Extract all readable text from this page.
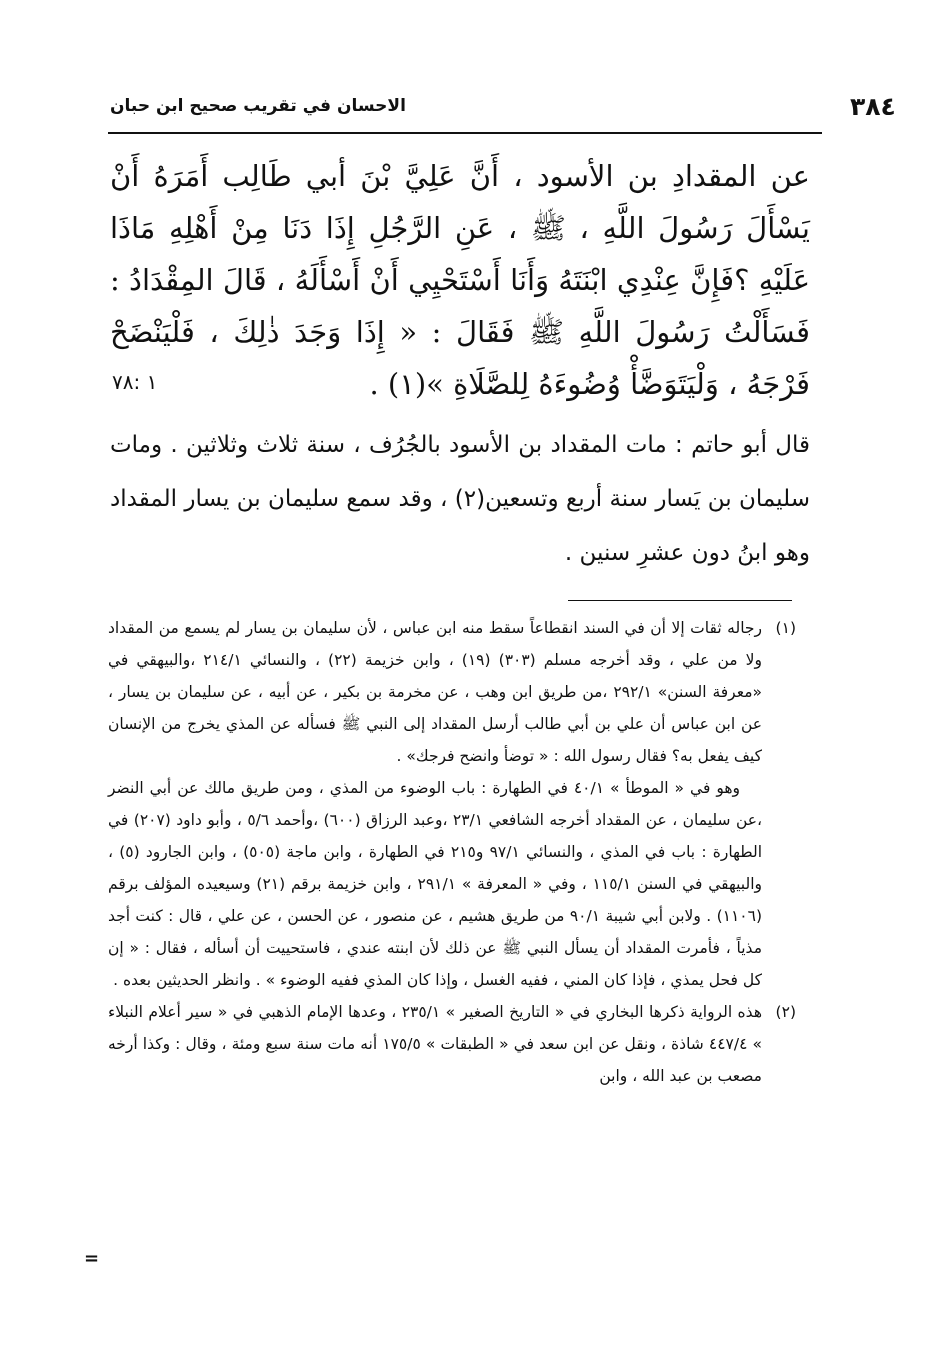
٣٨٤
الاحسان في تقريب صحيح ابن حبان

عن المقدادِ بن الأسود ، أَنَّ عَلِيَّ بْنَ أبي طَالِب أَمَرَهُ أَنْ يَسْأَلَ رَسُولَ اللَّهِ ، ﷺ ، عَنِ الرَّجُلِ إِذَا دَنَا مِنْ أَهْلِهِ مَاذَا عَلَيْهِ ؟فَإِنَّ عِنْدِي ابْنَتَهُ وَأَنَا أَسْتَحْيِي أَنْ أَسْأَلَهُ ، قَالَ المِقْدَادُ : فَسَأَلْتُ رَسُولَ اللَّهِ ﷺ فَقَالَ : « إِذَا وَجَدَ ذٰلِكَ ، فَلْيَنْضَحْ فَرْجَهُ ، وَلْيَتَوَضَّأْ وُضُوءَهُ لِلصَّلَاةِ »(١) .

١ :٧٨

قال أبو حاتم : مات المقداد بن الأسود بالجُرُف ، سنة ثلاث وثلاثين . ومات سليمان بن يَسار سنة أربع وتسعين(٢) ، وقد سمع سليمان بن يسار المقداد وهو ابنُ دون عشرِ سنين .

(١)رجاله ثقات إلا أن في السند انقطاعاً سقط منه ابن عباس ، لأن سليمان بن يسار لم يسمع من المقداد ولا من علي ، وقد أخرجه مسلم (٣٠٣) (١٩) ، وابن خزيمة (٢٢) ، والنسائي ٢١٤/١ ،والبيهقي في «معرفة السنن» ٢٩٢/١ ،من طريق ابن وهب ، عن مخرمة بن بكير ، عن أبيه ، عن سليمان بن يسار ، عن ابن عباس أن علي بن أبي طالب أرسل المقداد إلى النبي ﷺ فسأله عن المذي يخرج من الإنسان كيف يفعل به؟ فقال رسول الله : « توضأ وانضح فرجك» .

وهو في « الموطأ » ٤٠/١ في الطهارة : باب الوضوء من المذي ، ومن طريق مالك عن أبي النضر ،عن سليمان ، عن المقداد أخرجه الشافعي ٢٣/١ ،وعبد الرزاق (٦٠٠) ،وأحمد ٥/٦ ، وأبو داود (٢٠٧) في الطهارة : باب في المذي ، والنسائي ٩٧/١ و٢١٥ في الطهارة ، وابن ماجة (٥٠٥) ، وابن الجارود (٥) ، والبيهقي في السنن ١١٥/١ ، وفي « المعرفة » ٢٩١/١ ، وابن خزيمة برقم (٢١) وسيعيده المؤلف برقم (١١٠٦) . ولابن أبي شيبة ٩٠/١ من طريق هشيم ، عن منصور ، عن الحسن ، عن علي ، قال : كنت أجد مذياً ، فأمرت المقداد أن يسأل النبي ﷺ عن ذلك لأن ابنته عندي ، فاستحييت أن أسأله ، فقال : « إن كل فحل يمذي ، فإذا كان المني ، ففيه الغسل ، وإذا كان المذي ففيه الوضوء » . وانظر الحديثين بعده .

(٢)هذه الرواية ذكرها البخاري في « التاريخ الصغير » ٢٣٥/١ ، وعدها الإمام الذهبي في « سير أعلام النبلاء » ٤٤٧/٤ شاذة ، ونقل عن ابن سعد في « الطبقات » ١٧٥/٥ أنه مات سنة سبع ومئة ، وقال : وكذا أرخه مصعب بن عبد الله ، وابن

=
